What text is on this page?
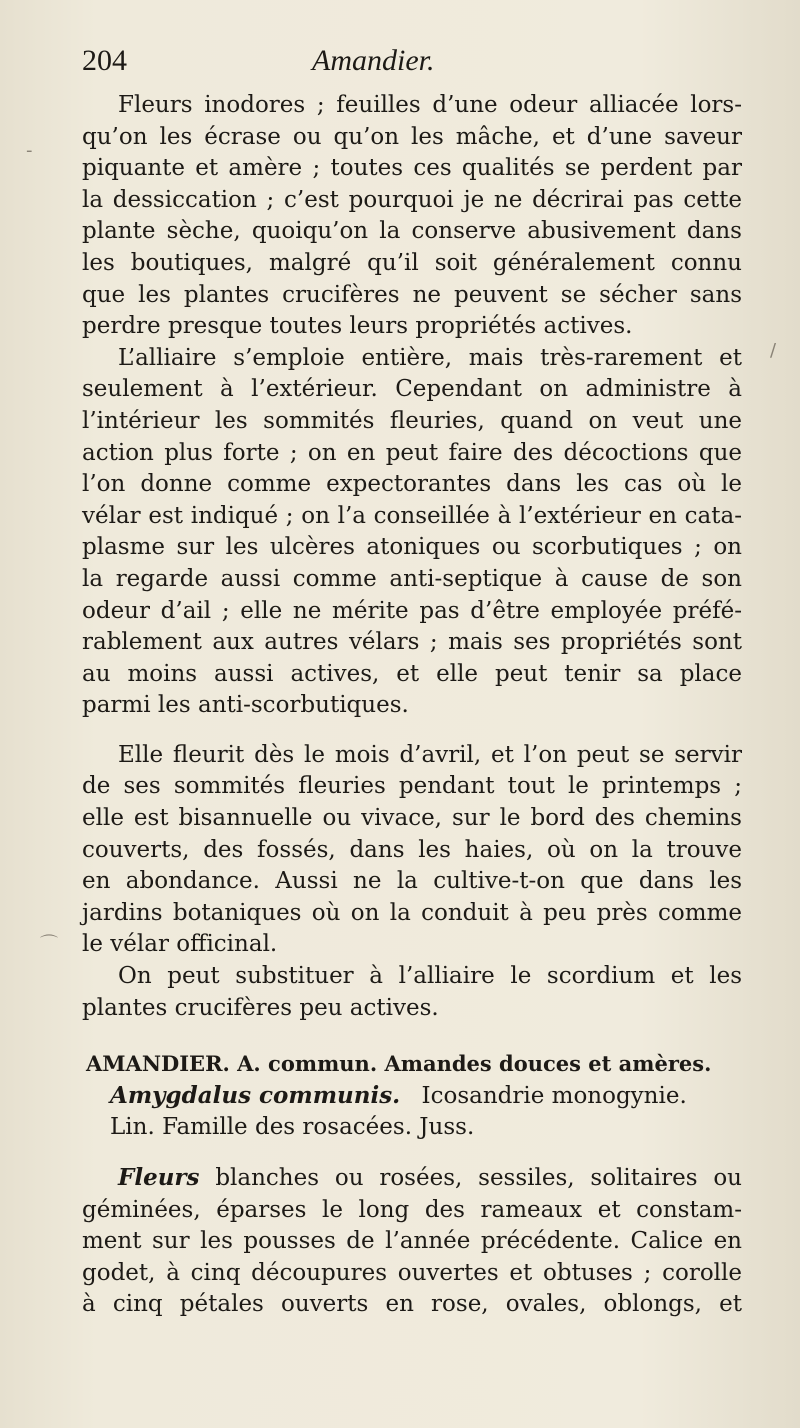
204	Amandier.

Fleurs inodores ; feuilles d’une odeur alliacée lors-
qu’on les écrase ou qu’on les mâche, et d’une saveur
piquante et amère ; toutes ces qualités se perdent par
la dessiccation ; c’est pourquoi je ne décrirai pas cette
plante sèche, quoiqu’on la conserve abusivement dans
les boutiques, malgré qu’il soit généralement connu
que les plantes crucifères ne peuvent se sécher sans
perdre presque toutes leurs propriétés actives.

L’alliaire s’emploie entière, mais très-rarement et
seulement à l’extérieur. Cependant on administre à
l’intérieur les sommités fleuries, quand on veut une
action plus forte ; on en peut faire des décoctions que
l’on donne comme expectorantes dans les cas où le
vélar est indiqué ; on l’a conseillée à l’extérieur en cata-
plasme sur les ulcères atoniques ou scorbutiques ; on
la regarde aussi comme anti-septique à cause de son
odeur d’ail ; elle ne mérite pas d’être employée préfé-
rablement aux autres vélars ; mais ses propriétés sont
au moins aussi actives, et elle peut tenir sa place
parmi les anti-scorbutiques.

Elle fleurit dès le mois d’avril, et l’on peut se servir
de ses sommités fleuries pendant tout le printemps ;
elle est bisannuelle ou vivace, sur le bord des chemins
couverts, des fossés, dans les haies, où on la trouve
en abondance. Aussi ne la cultive-t-on que dans les
jardins botaniques où on la conduit à peu près comme
le vélar officinal.

On peut substituer à l’alliaire le scordium et les
plantes crucifères peu actives.

AMANDIER. A. commun. Amandes douces et amères.
Amygdalus communis. Icosandrie monogynie.
Lin. Famille des rosacées. Juss.

Fleurs blanches ou rosées, sessiles, solitaires ou
géminées, éparses le long des rameaux et constam-
ment sur les pousses de l’année précédente. Calice en
godet, à cinq découpures ouvertes et obtuses ; corolle
à cinq pétales ouverts en rose, ovales, oblongs, et

-
/
⌒
